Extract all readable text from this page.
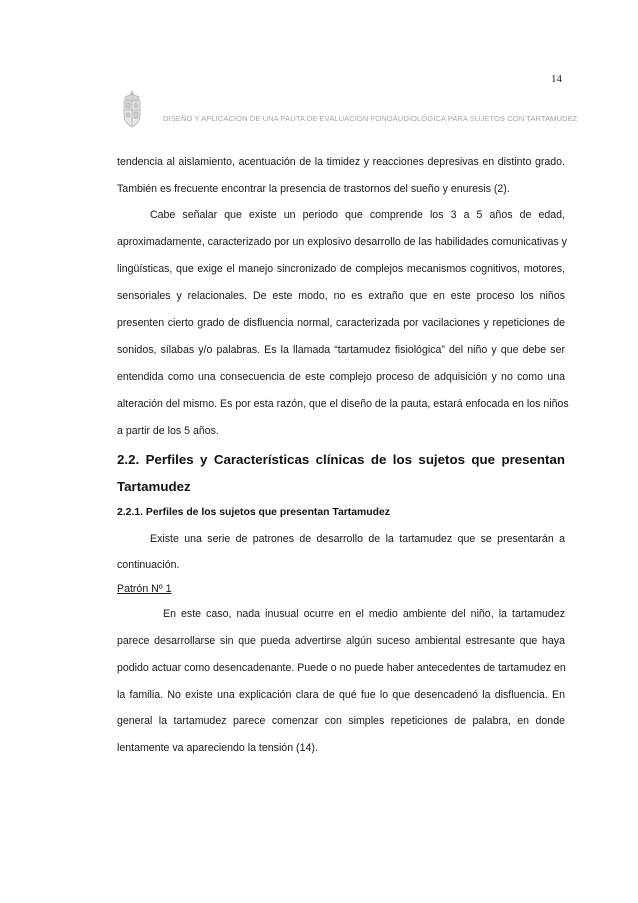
14
DISEÑO Y APLICACIÓN DE UNA PAUTA DE EVALUACIÓN FONOAUDIOLÓGICA PARA SUJETOS CON TARTAMUDEZ
tendencia al aislamiento, acentuación de la timidez y reacciones depresivas en distinto grado.
También es frecuente encontrar la presencia de trastornos del sueño y enuresis (2).
Cabe señalar que existe un periodo que comprende los 3 a 5 años de edad,
aproximadamente, caracterizado por un explosivo desarrollo de las habilidades comunicativas y
lingüísticas, que exige el manejo sincronizado de complejos mecanismos cognitivos, motores,
sensoriales y relacionales. De este modo, no es extraño que en este proceso los niños
presenten cierto grado de disfluencia normal, caracterizada por vacilaciones y repeticiones de
sonidos, sílabas y/o palabras. Es la llamada “tartamudez fisiológica” del niño y que debe ser
entendida como una consecuencia de este complejo proceso de adquisición y no como una
alteración del mismo. Es por esta razón, que el diseño de la pauta, estará enfocada en los niños
a partir de los 5 años.
2.2. Perfiles y Características clínicas de los sujetos que presentan
Tartamudez
2.2.1. Perfiles de los sujetos que presentan Tartamudez
Existe una serie de patrones de desarrollo de la tartamudez que se presentarán a
continuación.
Patrón Nº 1
En este caso, nada inusual ocurre en el medio ambiente del niño, la tartamudez
parece desarrollarse sin que pueda advertirse algún suceso ambiental estresante que haya
podido actuar como desencadenante. Puede o no puede haber antecedentes de tartamudez en
la familia. No existe una explicación clara de qué fue lo que desencadenó la disfluencia. En
general la tartamudez parece comenzar con simples repeticiones de palabra, en donde
lentamente va apareciendo la tensión (14).
